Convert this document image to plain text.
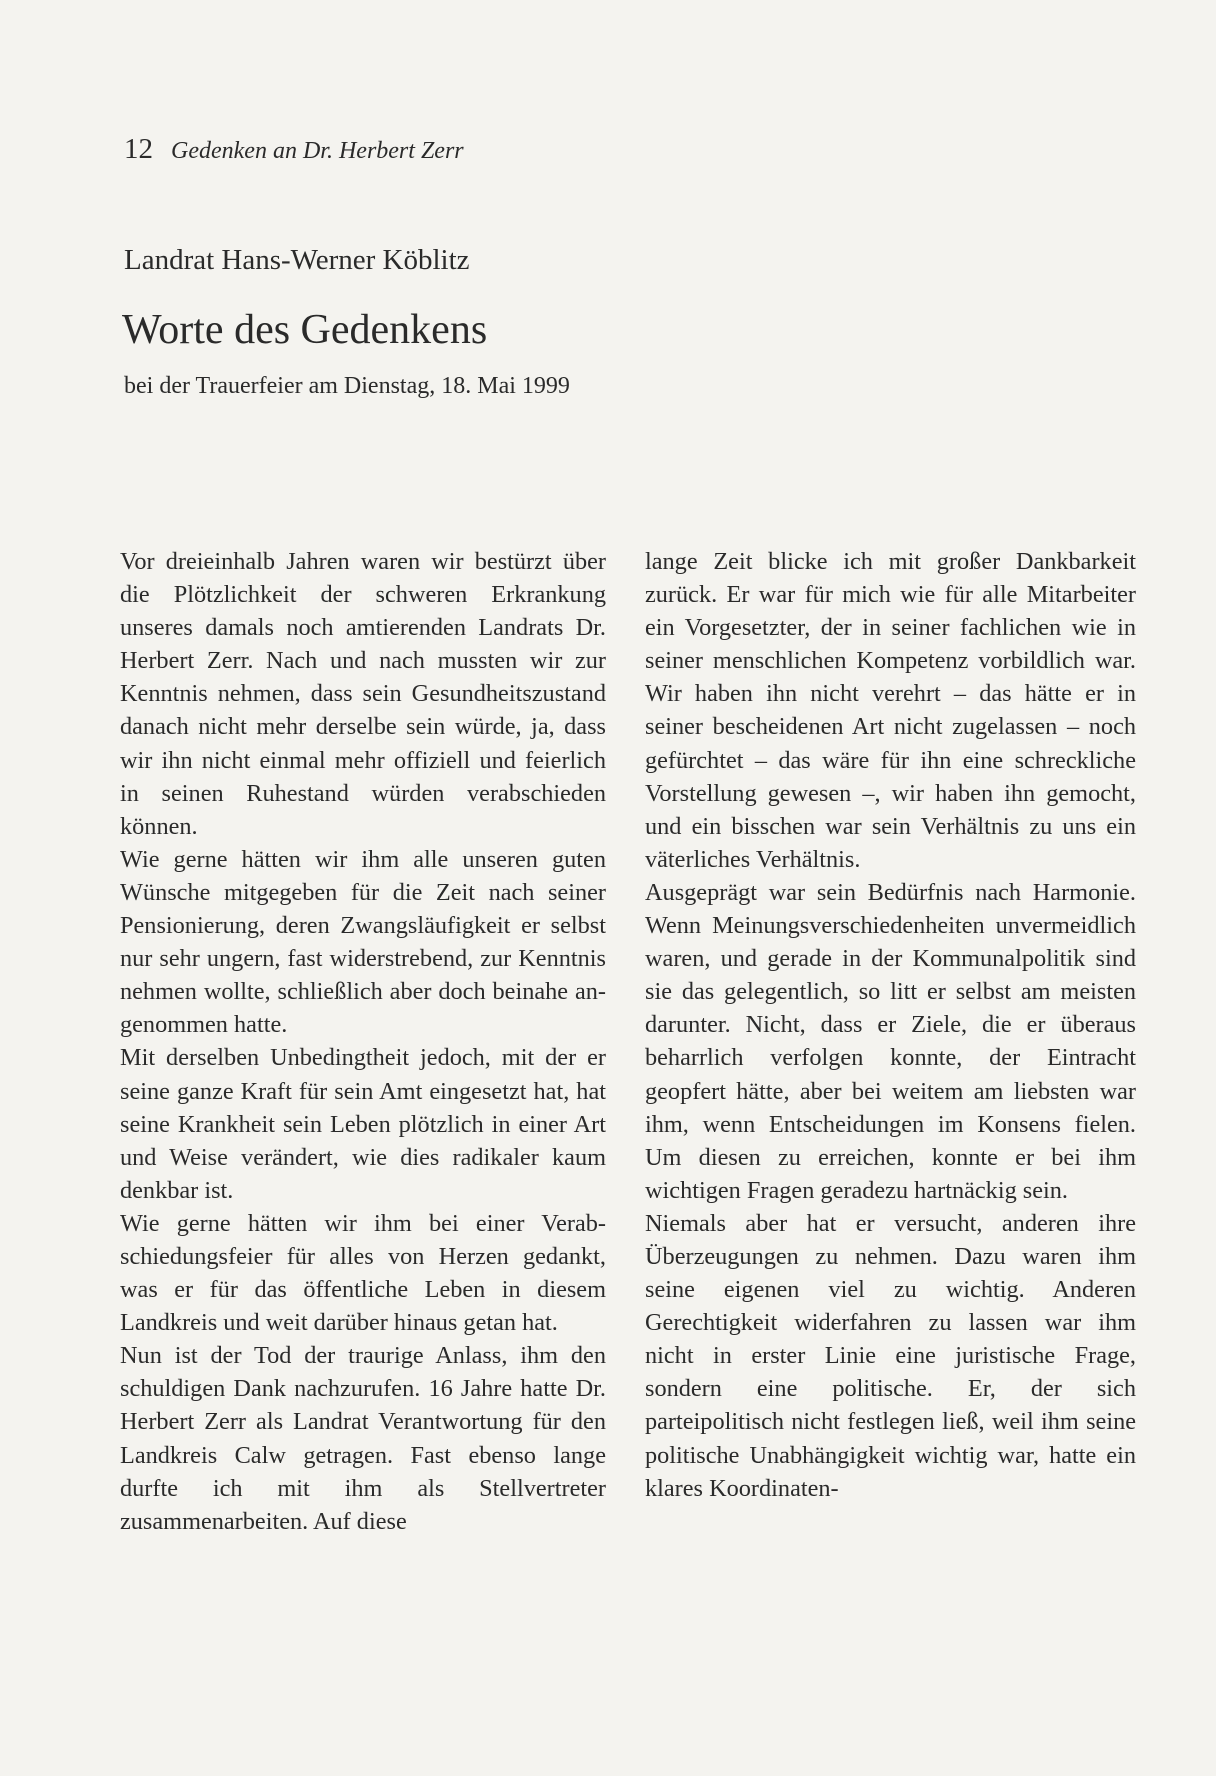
12 Gedenken an Dr. Herbert Zerr
Landrat Hans-Werner Köblitz
Worte des Gedenkens
bei der Trauerfeier am Dienstag, 18. Mai 1999

Vor dreieinhalb Jahren waren wir bestürzt über die Plötzlichkeit der schweren Erkrankung unseres damals noch amtierenden Landrats Dr. Herbert Zerr. Nach und nach mussten wir zur Kenntnis nehmen, dass sein Gesundheitszustand danach nicht mehr derselbe sein würde, ja, dass wir ihn nicht einmal mehr offiziell und feierlich in seinen Ruhestand würden verabschieden können.

Wie gerne hätten wir ihm alle unseren guten Wünsche mitgegeben für die Zeit nach seiner Pensionierung, deren Zwangsläufigkeit er selbst nur sehr ungern, fast widerstrebend, zur Kenntnis nehmen wollte, schließlich aber doch beinahe angenommen hatte.

Mit derselben Unbedingtheit jedoch, mit der er seine ganze Kraft für sein Amt eingesetzt hat, hat seine Krankheit sein Leben plötzlich in einer Art und Weise verändert, wie dies radikaler kaum denkbar ist.

Wie gerne hätten wir ihm bei einer Verabschiedungsfeier für alles von Herzen gedankt, was er für das öffentliche Leben in diesem Landkreis und weit darüber hinaus getan hat.

Nun ist der Tod der traurige Anlass, ihm den schuldigen Dank nachzurufen. 16 Jahre hatte Dr. Herbert Zerr als Landrat Verantwortung für den Landkreis Calw getragen. Fast ebenso lange durfte ich mit ihm als Stellvertreter zusammenarbeiten. Auf diese

lange Zeit blicke ich mit großer Dankbarkeit zurück. Er war für mich wie für alle Mitarbeiter ein Vorgesetzter, der in seiner fachlichen wie in seiner menschlichen Kompetenz vorbildlich war. Wir haben ihn nicht verehrt – das hätte er in seiner bescheidenen Art nicht zugelassen – noch gefürchtet – das wäre für ihn eine schreckliche Vorstellung gewesen –, wir haben ihn gemocht, und ein bisschen war sein Verhältnis zu uns ein väterliches Verhältnis.

Ausgeprägt war sein Bedürfnis nach Harmonie. Wenn Meinungsverschiedenheiten unvermeidlich waren, und gerade in der Kommunalpolitik sind sie das gelegentlich, so litt er selbst am meisten darunter. Nicht, dass er Ziele, die er überaus beharrlich verfolgen konnte, der Eintracht geopfert hätte, aber bei weitem am liebsten war ihm, wenn Entscheidungen im Konsens fielen. Um diesen zu erreichen, konnte er bei ihm wichtigen Fragen geradezu hartnäckig sein.

Niemals aber hat er versucht, anderen ihre Überzeugungen zu nehmen. Dazu waren ihm seine eigenen viel zu wichtig. Anderen Gerechtigkeit widerfahren zu lassen war ihm nicht in erster Linie eine juristische Frage, sondern eine politische. Er, der sich parteipolitisch nicht festlegen ließ, weil ihm seine politische Unabhängigkeit wichtig war, hatte ein klares Koordinaten-
